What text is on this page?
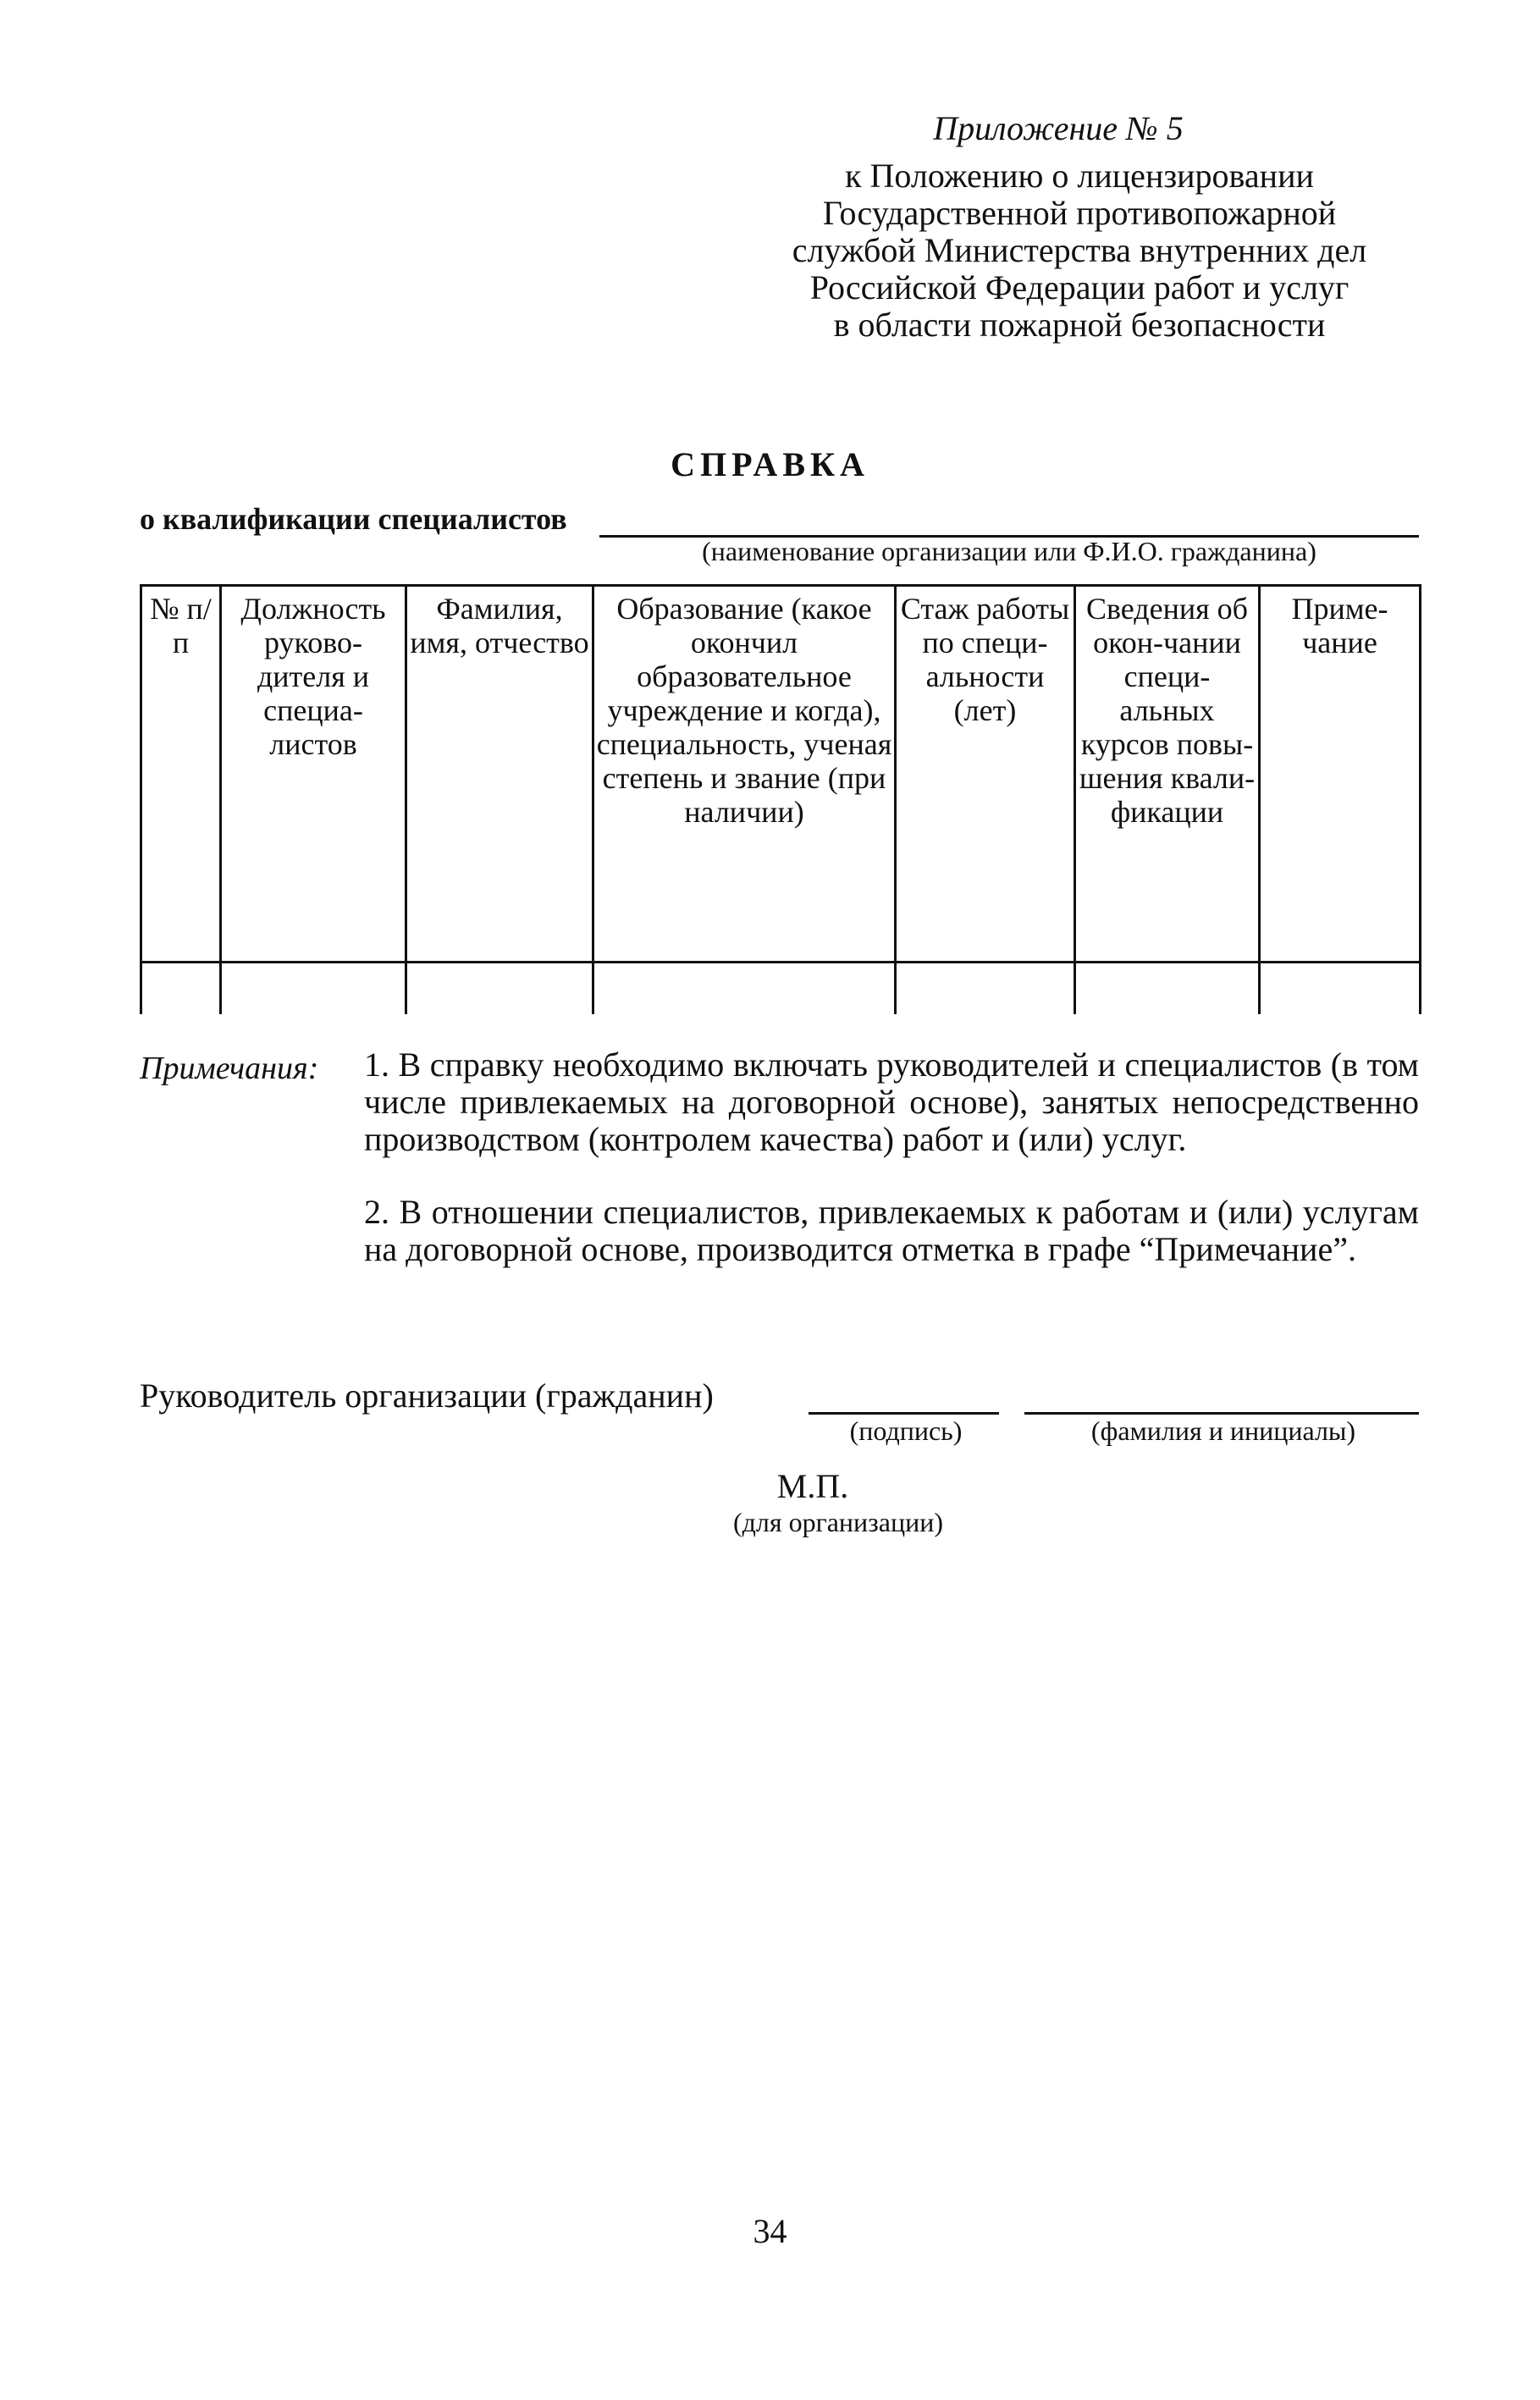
Приложение № 5
к Положению о лицензировании
Государственной противопожарной
службой Министерства внутренних дел
Российской Федерации работ и услуг
в области пожарной безопасности
СПРАВКА
о квалификации специалистов
(наименование организации или Ф.И.О. гражданина)
№ п/п	Должность руково-дителя и специа-листов	Фамилия, имя, отчество	Образование (какое окончил образовательное учреждение и когда), специальность, ученая степень и звание (при наличии)	Стаж работы по специ-альности (лет)	Сведения об окон-чании специ-альных курсов повы-шения квали-фикации	Приме-чание

Примечания: 1. В справку необходимо включать руководителей и специалистов (в том числе привлекаемых на договорной основе), занятых непосредственно производством (контролем качества) работ и (или) услуг.
2. В отношении специалистов, привлекаемых к работам и (или) услугам на договорной основе, производится отметка в графе “Примечание”.
Руководитель организации (гражданин)
(подпись)	(фамилия и инициалы)
М.П.
(для организации)
34
